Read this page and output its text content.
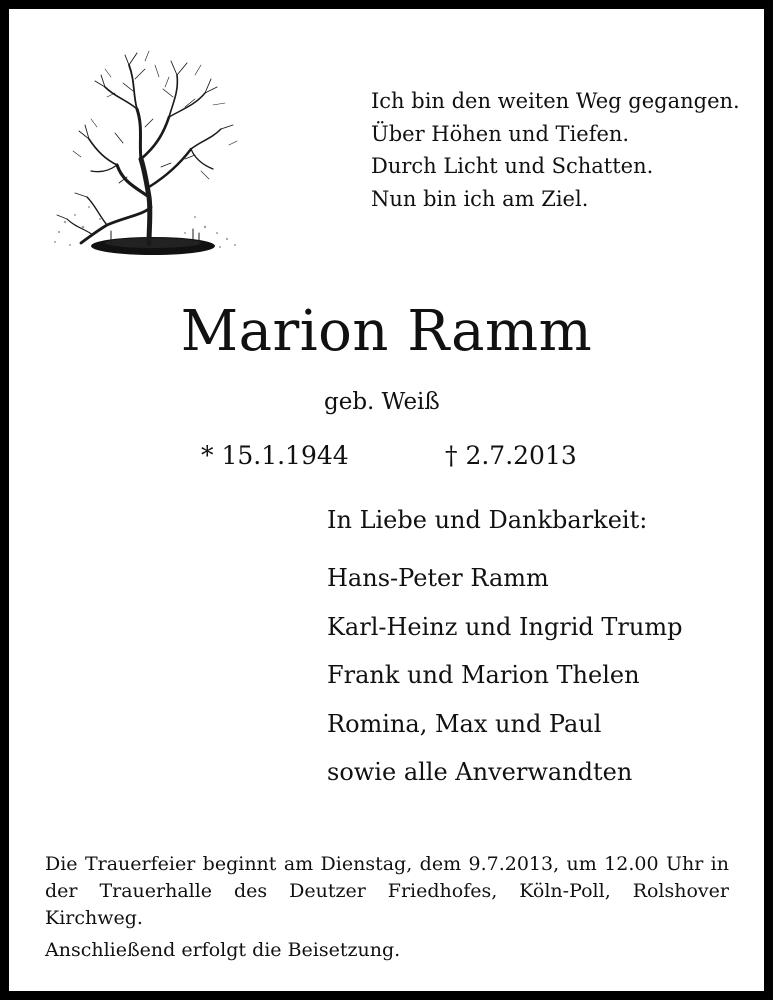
Ich bin den weiten Weg gegangen.
Über Höhen und Tiefen.
Durch Licht und Schatten.
Nun bin ich am Ziel.
Marion Ramm
geb. Weiß
* 15.1.1944	† 2.7.2013
In Liebe und Dankbarkeit:
Hans-Peter Ramm
Karl-Heinz und Ingrid Trump
Frank und Marion Thelen
Romina, Max und Paul
sowie alle Anverwandten
Die Trauerfeier beginnt am Dienstag, dem 9.7.2013, um 12.00 Uhr in der Trauerhalle des Deutzer Friedhofes, Köln-Poll, Rolshover Kirchweg.
Anschließend erfolgt die Beisetzung.
